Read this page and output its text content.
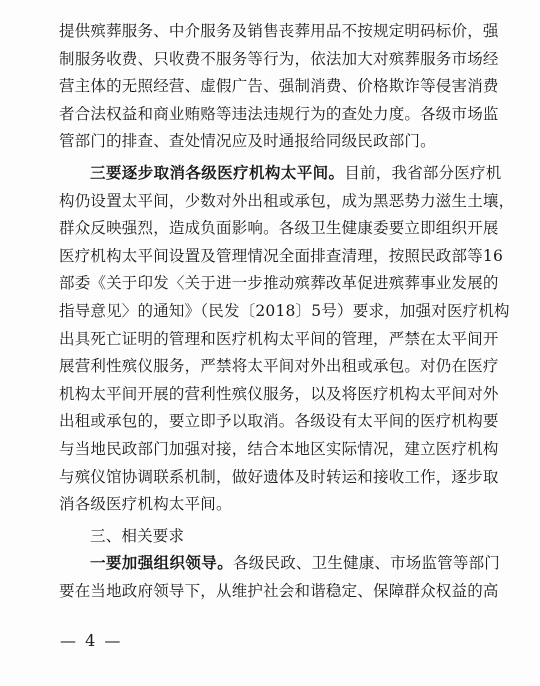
提供殡葬服务、中介服务及销售丧葬用品不按规定明码标价，强
制服务收费、只收费不服务等行为，依法加大对殡葬服务市场经
营主体的无照经营、虚假广告、强制消费、价格欺诈等侵害消费
者合法权益和商业贿赂等违法违规行为的查处力度。各级市场监
管部门的排查、查处情况应及时通报给同级民政部门。
三要逐步取消各级医疗机构太平间。目前，我省部分医疗机
构仍设置太平间，少数对外出租或承包，成为黑恶势力滋生土壤，
群众反映强烈，造成负面影响。各级卫生健康委要立即组织开展
医疗机构太平间设置及管理情况全面排查清理，按照民政部等16
部委《关于印发〈关于进一步推动殡葬改革促进殡葬事业发展的
指导意见〉的通知》（民发〔2018〕5号）要求，加强对医疗机构
出具死亡证明的管理和医疗机构太平间的管理，严禁在太平间开
展营利性殡仪服务，严禁将太平间对外出租或承包。对仍在医疗
机构太平间开展的营利性殡仪服务，以及将医疗机构太平间对外
出租或承包的，要立即予以取消。各级设有太平间的医疗机构要
与当地民政部门加强对接，结合本地区实际情况，建立医疗机构
与殡仪馆协调联系机制，做好遗体及时转运和接收工作，逐步取
消各级医疗机构太平间。
三、相关要求
一要加强组织领导。各级民政、卫生健康、市场监管等部门
要在当地政府领导下，从维护社会和谐稳定、保障群众权益的高
— 4 —
